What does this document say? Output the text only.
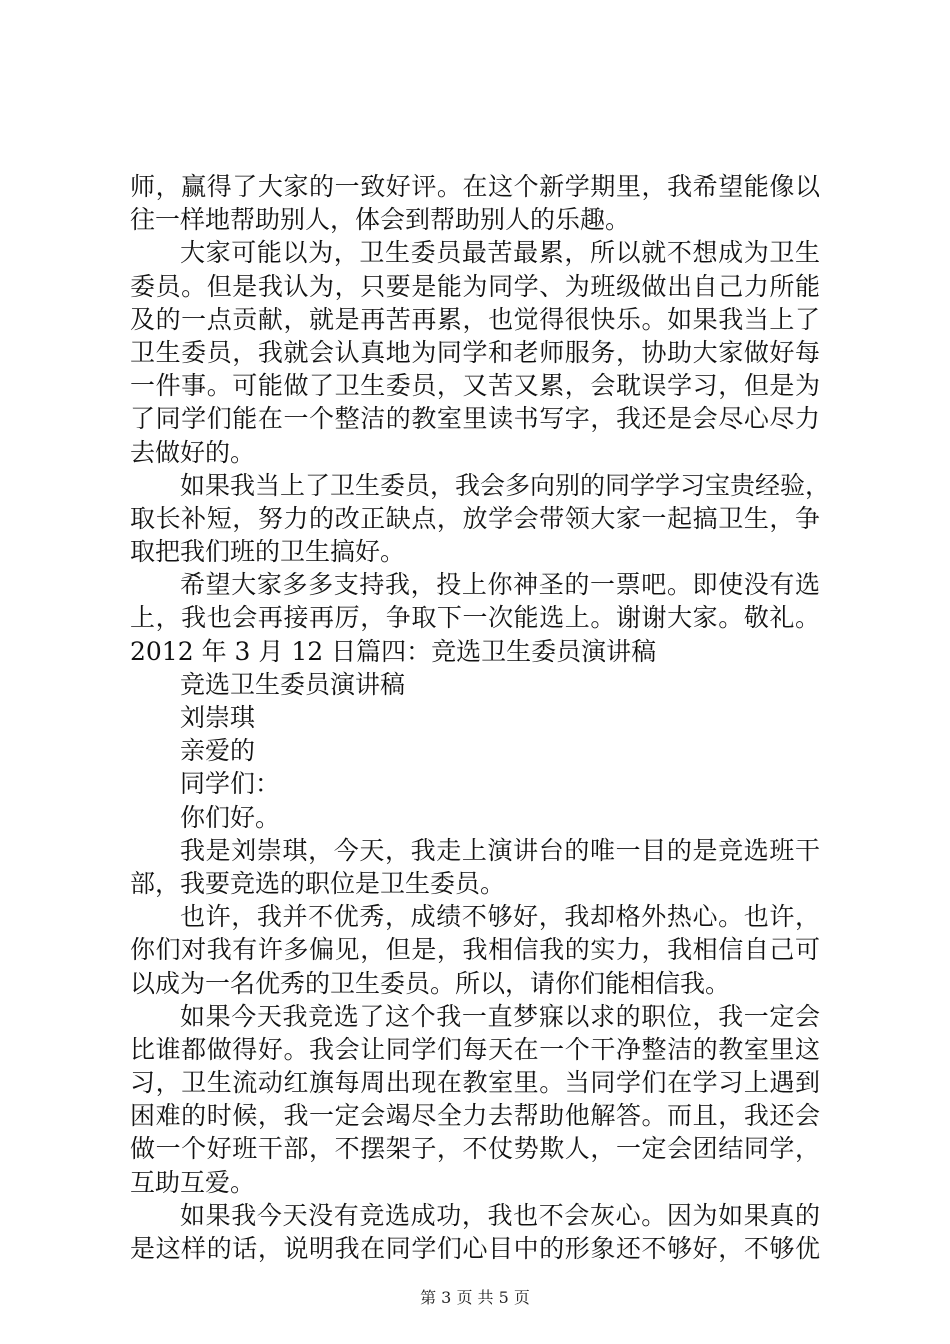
师，赢得了大家的一致好评。在这个新学期里，我希望能像以
往一样地帮助别人，体会到帮助别人的乐趣。
大家可能以为，卫生委员最苦最累，所以就不想成为卫生
委员。但是我认为，只要是能为同学、为班级做出自己力所能
及的一点贡献，就是再苦再累，也觉得很快乐。如果我当上了
卫生委员，我就会认真地为同学和老师服务，协助大家做好每
一件事。可能做了卫生委员，又苦又累，会耽误学习，但是为
了同学们能在一个整洁的教室里读书写字，我还是会尽心尽力
去做好的。
如果我当上了卫生委员，我会多向别的同学学习宝贵经验，
取长补短，努力的改正缺点，放学会带领大家一起搞卫生，争
取把我们班的卫生搞好。
希望大家多多支持我，投上你神圣的一票吧。即使没有选
上，我也会再接再厉，争取下一次能选上。谢谢大家。敬礼。
2012 年 3 月 12 日篇四：竞选卫生委员演讲稿
竞选卫生委员演讲稿
刘崇琪
亲爱的
同学们：
你们好。
我是刘崇琪，今天，我走上演讲台的唯一目的是竞选班干
部，我要竞选的职位是卫生委员。
也许，我并不优秀，成绩不够好，我却格外热心。也许，
你们对我有许多偏见，但是，我相信我的实力，我相信自己可
以成为一名优秀的卫生委员。所以，请你们能相信我。
如果今天我竞选了这个我一直梦寐以求的职位，我一定会
比谁都做得好。我会让同学们每天在一个干净整洁的教室里这
习，卫生流动红旗每周出现在教室里。当同学们在学习上遇到
困难的时候，我一定会竭尽全力去帮助他解答。而且，我还会
做一个好班干部，不摆架子，不仗势欺人，一定会团结同学，
互助互爱。
如果我今天没有竞选成功，我也不会灰心。因为如果真的
是这样的话，说明我在同学们心目中的形象还不够好，不够优
第 3 页 共 5 页
